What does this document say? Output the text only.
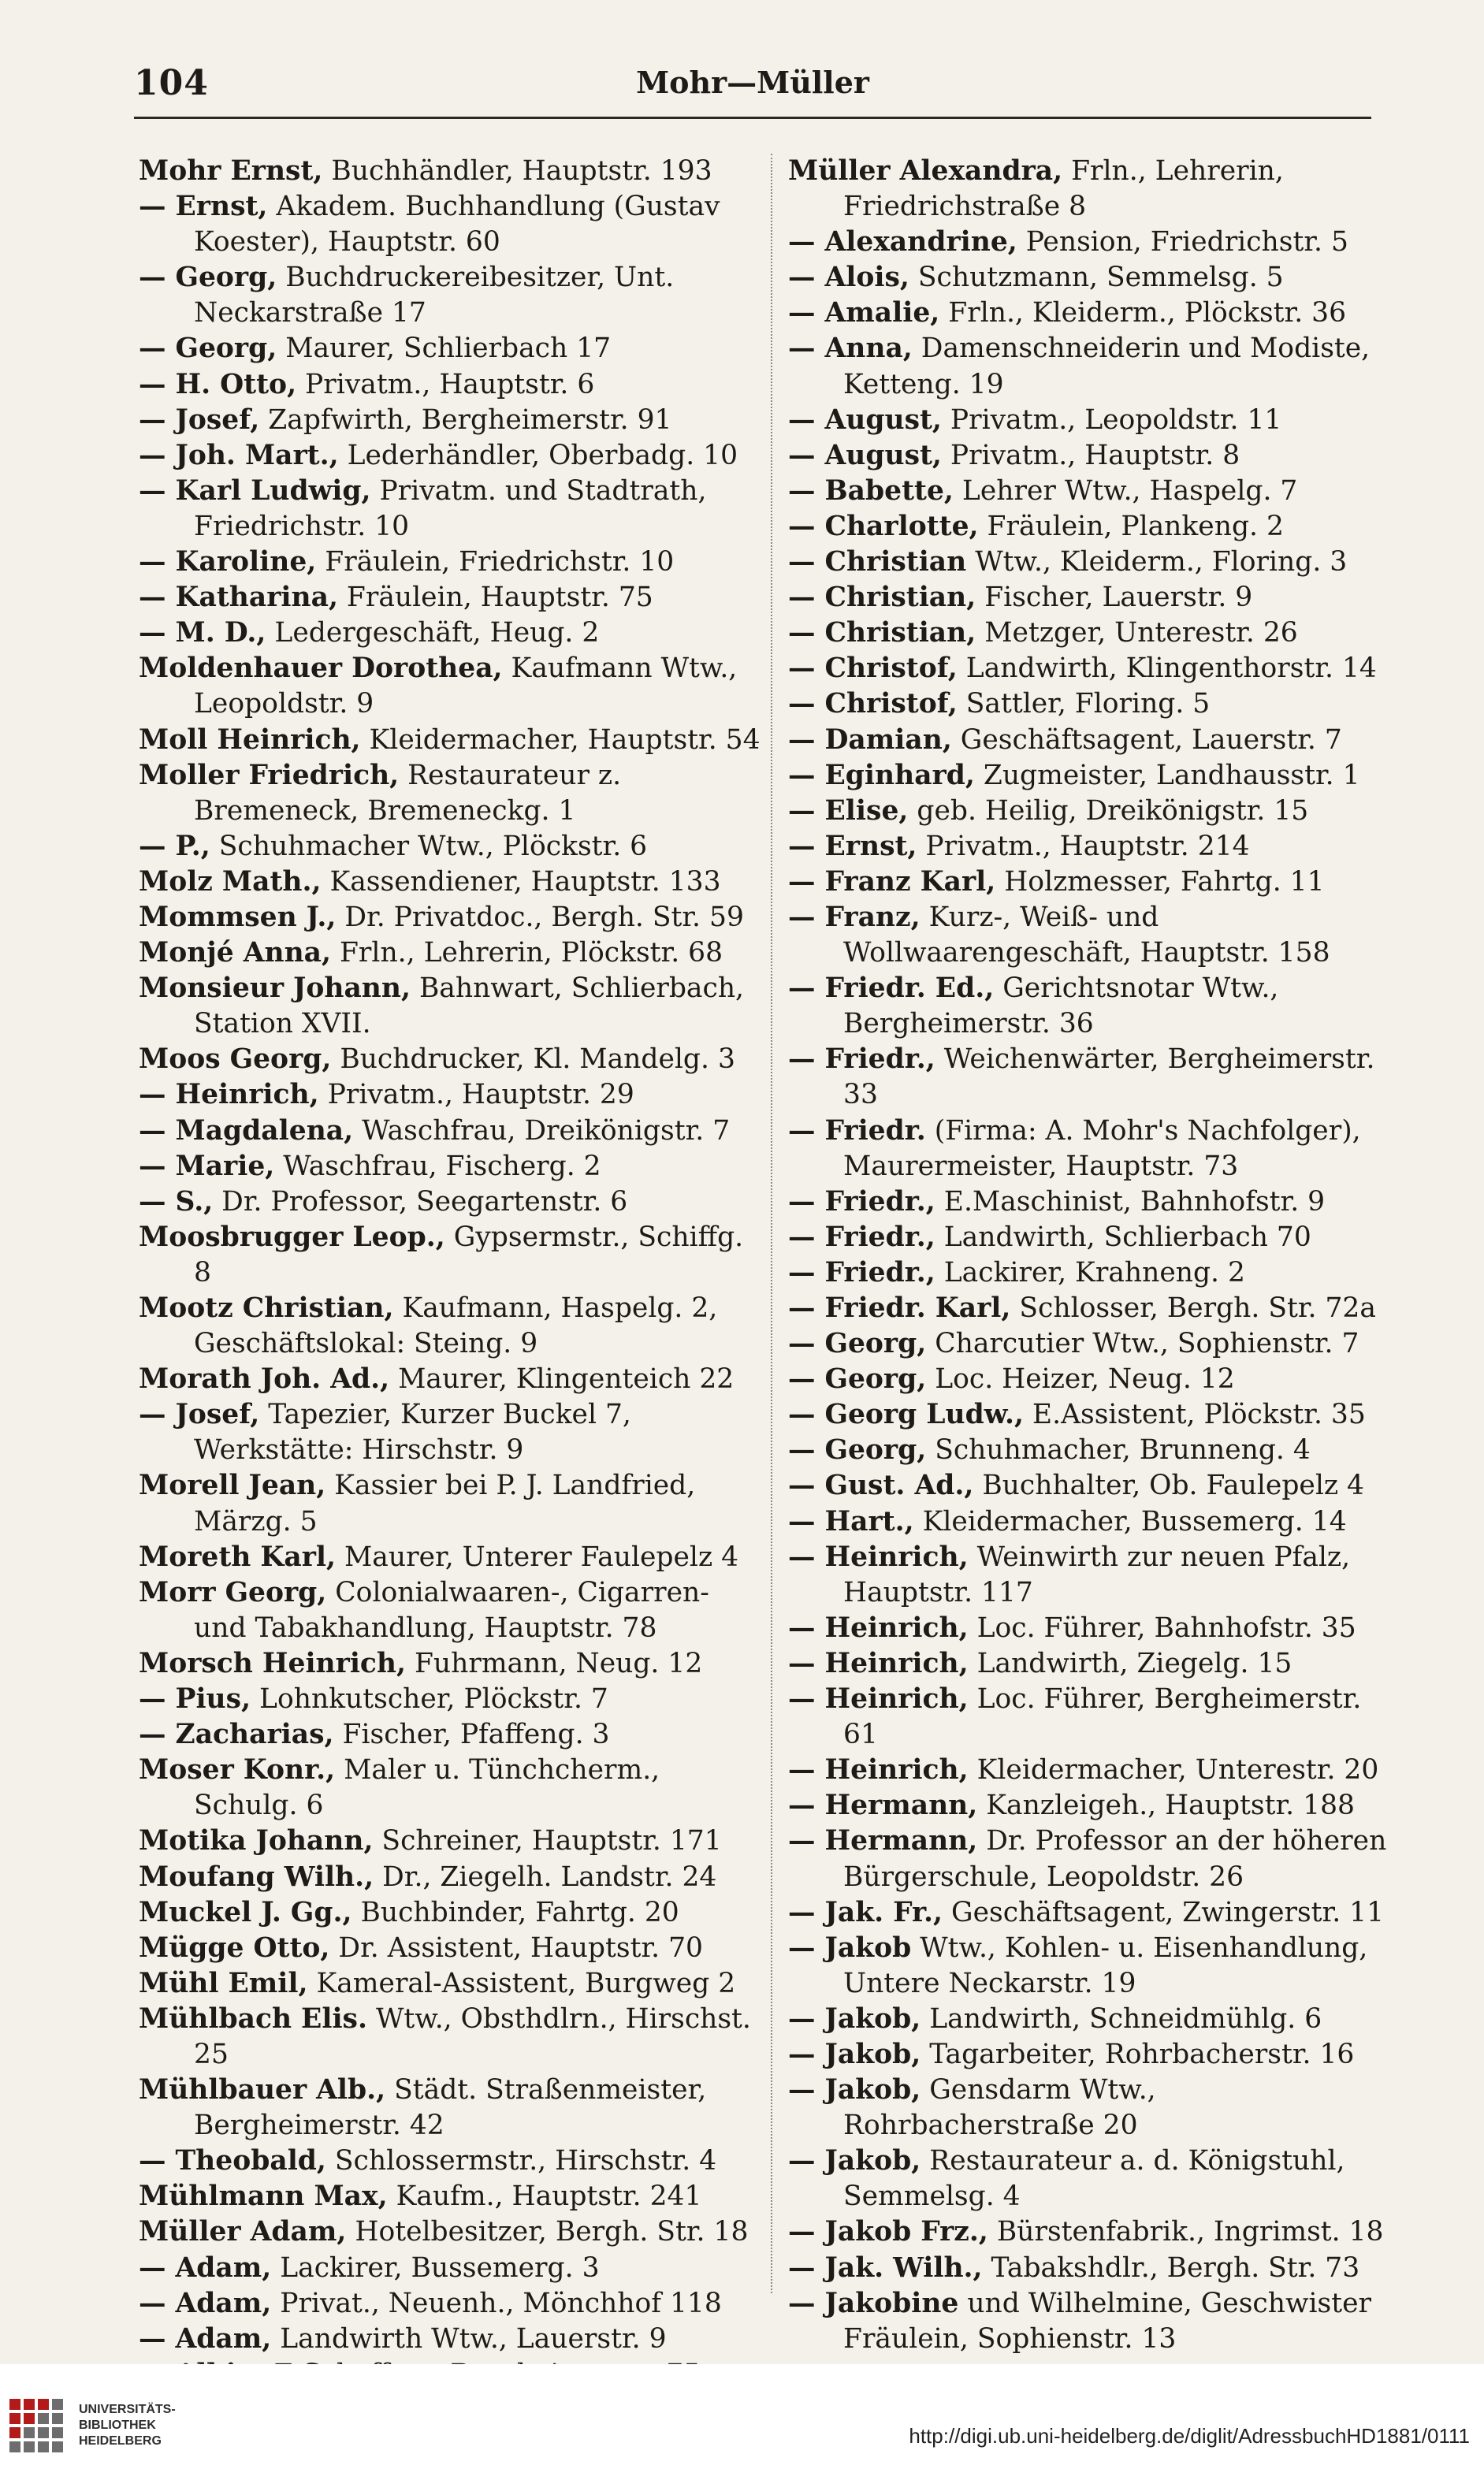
104	Mohr—Müller
Mohr Ernst, Buchhändler, Hauptstr. 193
— Ernst, Akadem. Buchhandlung (Gustav Koester), Hauptstr. 60
— Georg, Buchdruckereibesitzer, Unt. Neckarstraße 17
— Georg, Maurer, Schlierbach 17
— H. Otto, Privatm., Hauptstr. 6
— Josef, Zapfwirth, Bergheimerstr. 91
— Joh. Mart., Lederhändler, Oberbadg. 10
— Karl Ludwig, Privatm. und Stadtrath, Friedrichstr. 10
— Karoline, Fräulein, Friedrichstr. 10
— Katharina, Fräulein, Hauptstr. 75
— M. D., Ledergeschäft, Heug. 2
Moldenhauer Dorothea, Kaufmann Wtw., Leopoldstr. 9
Moll Heinrich, Kleidermacher, Hauptstr. 54
Moller Friedrich, Restaurateur z. Bremeneck, Bremeneckg. 1
— P., Schuhmacher Wtw., Plöckstr. 6
Molz Math., Kassendiener, Hauptstr. 133
Mommsen J., Dr. Privatdoc., Bergh. Str. 59
Monjé Anna, Frln., Lehrerin, Plöckstr. 68
Monsieur Johann, Bahnwart, Schlierbach, Station XVII.
Moos Georg, Buchdrucker, Kl. Mandelg. 3
— Heinrich, Privatm., Hauptstr. 29
— Magdalena, Waschfrau, Dreikönigstr. 7
— Marie, Waschfrau, Fischerg. 2
— S., Dr. Professor, Seegartenstr. 6
Moosbrugger Leop., Gypsermstr., Schiffg. 8
Mootz Christian, Kaufmann, Haspelg. 2, Geschäftslokal: Steing. 9
Morath Joh. Ad., Maurer, Klingenteich 22
— Josef, Tapezier, Kurzer Buckel 7, Werkstätte: Hirschstr. 9
Morell Jean, Kassier bei P. J. Landfried, Märzg. 5
Moreth Karl, Maurer, Unterer Faulepelz 4
Morr Georg, Colonialwaaren-, Cigarren- und Tabakhandlung, Hauptstr. 78
Morsch Heinrich, Fuhrmann, Neug. 12
— Pius, Lohnkutscher, Plöckstr. 7
— Zacharias, Fischer, Pfaffeng. 3
Moser Konr., Maler u. Tünchcherm., Schulg. 6
Motika Johann, Schreiner, Hauptstr. 171
Moufang Wilh., Dr., Ziegelh. Landstr. 24
Muckel J. Gg., Buchbinder, Fahrtg. 20
Mügge Otto, Dr. Assistent, Hauptstr. 70
Mühl Emil, Kameral-Assistent, Burgweg 2
Mühlbach Elis. Wtw., Obsthdlrn., Hirschst. 25
Mühlbauer Alb., Städt. Straßenmeister, Bergheimerstr. 42
— Theobald, Schlossermstr., Hirschstr. 4
Mühlmann Max, Kaufm., Hauptstr. 241
Müller Adam, Hotelbesitzer, Bergh. Str. 18
— Adam, Lackirer, Bussemerg. 3
— Adam, Privat., Neuenh., Mönchhof 118
— Adam, Landwirth Wtw., Lauerstr. 9
Müller Alexandra, Frln., Lehrerin, Friedrichstraße 8
— Alexandrine, Pension, Friedrichstr. 5
— Alois, Schutzmann, Semmelsg. 5
— Amalie, Frln., Kleiderm., Plöckstr. 36
— Anna, Damenschneiderin und Modiste, Ketteng. 19
— August, Privatm., Leopoldstr. 11
— August, Privatm., Hauptstr. 8
— Babette, Lehrer Wtw., Haspelg. 7
— Charlotte, Fräulein, Plankeng. 2
— Christian Wtw., Kleiderm., Floring. 3
— Christian, Fischer, Lauerstr. 9
— Christian, Metzger, Unterestr. 26
— Christof, Landwirth, Klingenthorstr. 14
— Christof, Sattler, Floring. 5
— Damian, Geschäftsagent, Lauerstr. 7
— Eginhard, Zugmeister, Landhausstr. 1
— Elise, geb. Heilig, Dreikönigstr. 15
— Ernst, Privatm., Hauptstr. 214
— Franz Karl, Holzmesser, Fahrtg. 11
— Franz, Kurz-, Weiß- und Wollwaarengeschäft, Hauptstr. 158
— Friedr. Ed., Gerichtsnotar Wtw., Bergheimerstr. 36
— Friedr., Weichenwärter, Bergheimerstr. 33
— Friedr. (Firma: A. Mohr's Nachfolger), Maurermeister, Hauptstr. 73
— Friedr., E.Maschinist, Bahnhofstr. 9
— Friedr., Landwirth, Schlierbach 70
— Friedr., Lackirer, Krahneng. 2
— Friedr. Karl, Schlosser, Bergh. Str. 72a
— Georg, Charcutier Wtw., Sophienstr. 7
— Georg, Loc. Heizer, Neug. 12
— Georg Ludw., E.Assistent, Plöckstr. 35
— Georg, Schuhmacher, Brunneng. 4
— Gust. Ad., Buchhalter, Ob. Faulepelz 4
— Hart., Kleidermacher, Bussemerg. 14
— Heinrich, Weinwirth zur neuen Pfalz, Hauptstr. 117
— Heinrich, Loc. Führer, Bahnhofstr. 35
— Heinrich, Landwirth, Ziegelg. 15
— Heinrich, Loc. Führer, Bergheimerstr. 61
— Heinrich, Kleidermacher, Unterestr. 20
— Hermann, Kanzleigeh., Hauptstr. 188
— Hermann, Dr. Professor an der höheren Bürgerschule, Leopoldstr. 26
— Jak. Fr., Geschäftsagent, Zwingerstr. 11
— Jakob Wtw., Kohlen- u. Eisenhandlung, Untere Neckarstr. 19
— Jakob, Landwirth, Schneidmühlg. 6
— Jakob, Tagarbeiter, Rohrbacherstr. 16
— Jakob, Gensdarm Wtw., Rohrbacherstraße 20
— Jakob, Restaurateur a. d. Königstuhl, Semmelsg. 4
— Jakob Frz., Bürstenfabrik., Ingrimst. 18
— Jak. Wilh., Tabakshdlr., Bergh. Str. 73
— Jakobine und Wilhelmine, Geschwister Fräulein, Sophienstr. 13
UNIVERSITÄTS-
BIBLIOTHEK
HEIDELBERG	http://digi.ub.uni-heidelberg.de/diglit/AdressbuchHD1881/0111
